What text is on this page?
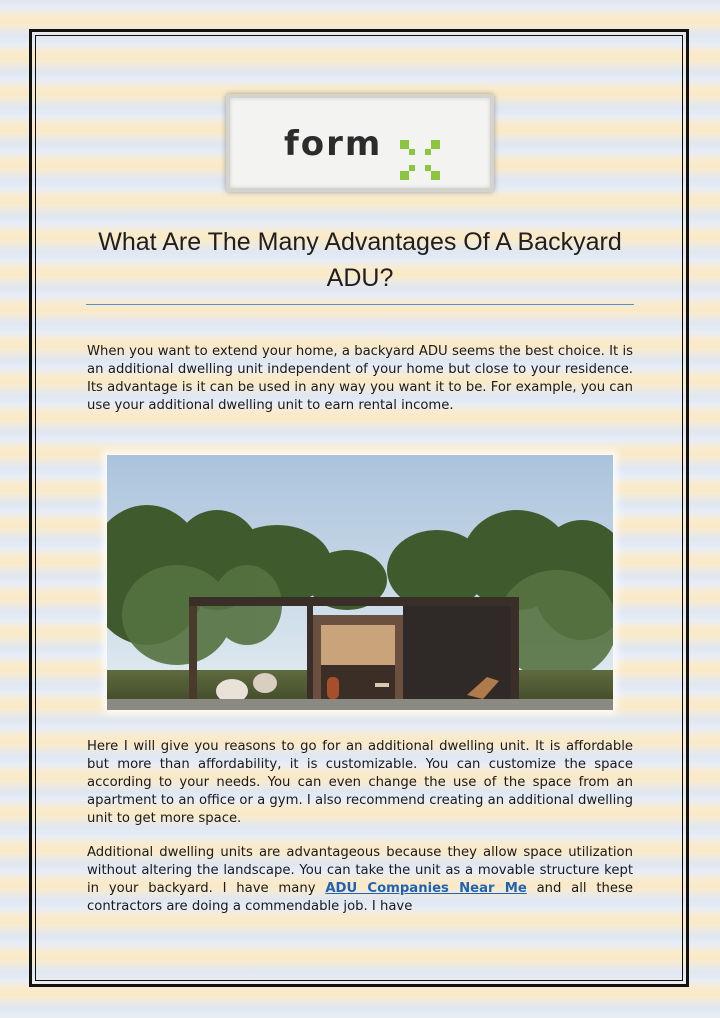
form
What Are The Many Advantages Of A Backyard ADU?

When you want to extend your home, a backyard ADU seems the best choice. It is an additional dwelling unit independent of your home but close to your residence. Its advantage is it can be used in any way you want it to be. For example, you can use your additional dwelling unit to earn rental income.

Here I will give you reasons to go for an additional dwelling unit. It is affordable but more than affordability, it is customizable. You can customize the space according to your needs. You can even change the use of the space from an apartment to an office or a gym. I also recommend creating an additional dwelling unit to get more space.

Additional dwelling units are advantageous because they allow space utilization without altering the landscape. You can take the unit as a movable structure kept in your backyard. I have many ADU Companies Near Me and all these contractors are doing a commendable job. I have
